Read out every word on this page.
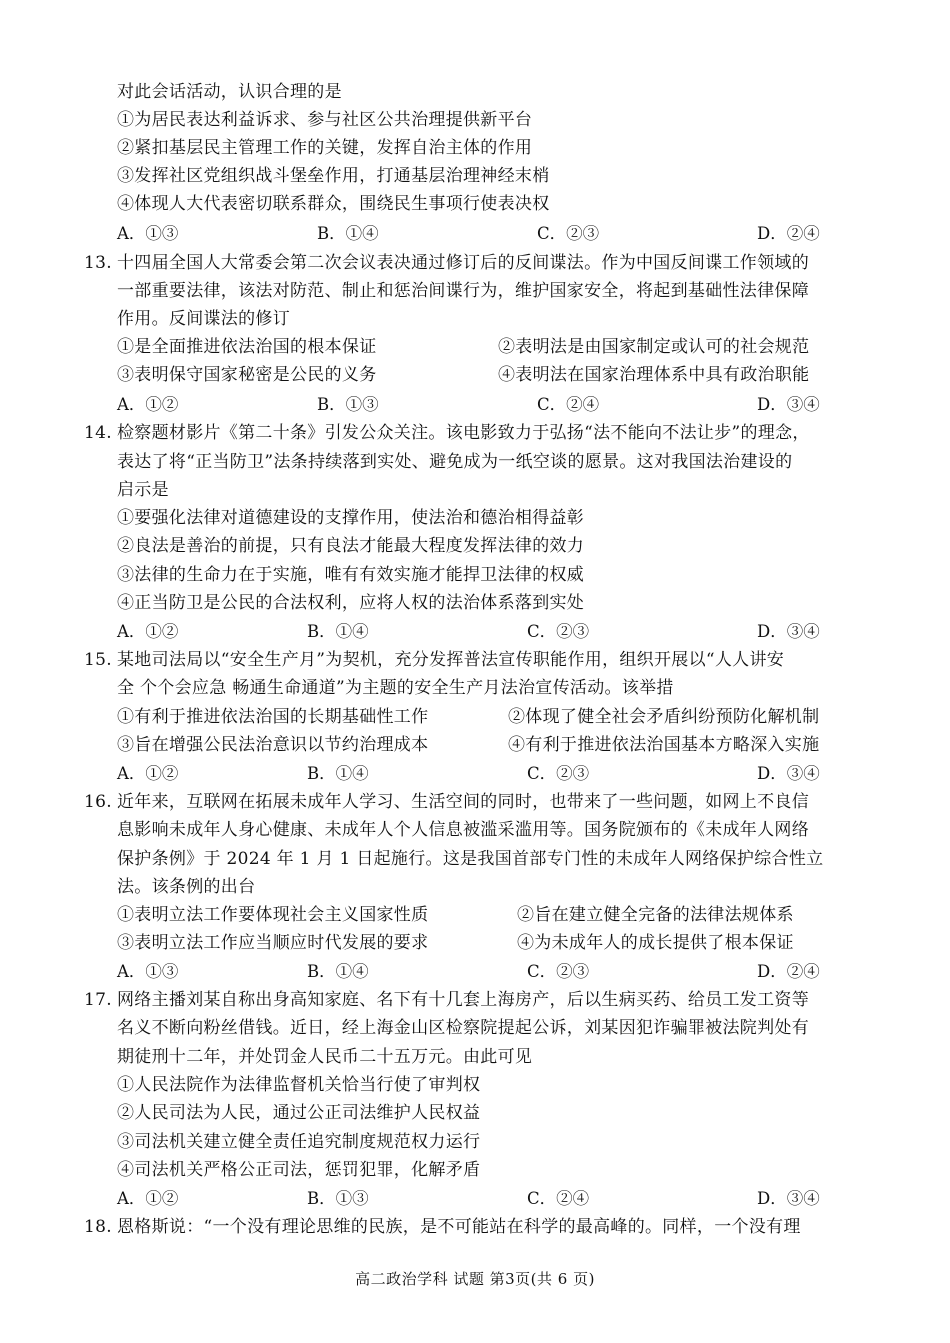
对此会话活动，认识合理的是
①为居民表达利益诉求、参与社区公共治理提供新平台
②紧扣基层民主管理工作的关键，发挥自治主体的作用
③发挥社区党组织战斗堡垒作用，打通基层治理神经末梢
④体现人大代表密切联系群众，围绕民生事项行使表决权
A．①③	B．①④	C．②③	D．②④
13. 十四届全国人大常委会第二次会议表决通过修订后的反间谍法。作为中国反间谍工作领域的
一部重要法律，该法对防范、制止和惩治间谍行为，维护国家安全，将起到基础性法律保障
作用。反间谍法的修订
①是全面推进依法治国的根本保证	②表明法是由国家制定或认可的社会规范
③表明保守国家秘密是公民的义务	④表明法在国家治理体系中具有政治职能
A．①②	B．①③	C．②④	D．③④
14. 检察题材影片《第二十条》引发公众关注。该电影致力于弘扬“法不能向不法让步”的理念，
表达了将“正当防卫”法条持续落到实处、避免成为一纸空谈的愿景。这对我国法治建设的
启示是
①要强化法律对道德建设的支撑作用，使法治和德治相得益彰
②良法是善治的前提，只有良法才能最大程度发挥法律的效力
③法律的生命力在于实施，唯有有效实施才能捍卫法律的权威
④正当防卫是公民的合法权利，应将人权的法治体系落到实处
A．①②	B．①④	C．②③	D．③④
15. 某地司法局以“安全生产月”为契机，充分发挥普法宣传职能作用，组织开展以“人人讲安
全 个个会应急 畅通生命通道”为主题的安全生产月法治宣传活动。该举措
①有利于推进依法治国的长期基础性工作	②体现了健全社会矛盾纠纷预防化解机制
③旨在增强公民法治意识以节约治理成本	④有利于推进依法治国基本方略深入实施
A．①②	B．①④	C．②③	D．③④
16. 近年来，互联网在拓展未成年人学习、生活空间的同时，也带来了一些问题，如网上不良信
息影响未成年人身心健康、未成年人个人信息被滥采滥用等。国务院颁布的《未成年人网络
保护条例》于 2024 年 1 月 1 日起施行。这是我国首部专门性的未成年人网络保护综合性立
法。该条例的出台
①表明立法工作要体现社会主义国家性质	②旨在建立健全完备的法律法规体系
③表明立法工作应当顺应时代发展的要求	④为未成年人的成长提供了根本保证
A．①③	B．①④	C．②③	D．②④
17. 网络主播刘某自称出身高知家庭、名下有十几套上海房产，后以生病买药、给员工发工资等
名义不断向粉丝借钱。近日，经上海金山区检察院提起公诉，刘某因犯诈骗罪被法院判处有
期徒刑十二年，并处罚金人民币二十五万元。由此可见
①人民法院作为法律监督机关恰当行使了审判权
②人民司法为人民，通过公正司法维护人民权益
③司法机关建立健全责任追究制度规范权力运行
④司法机关严格公正司法，惩罚犯罪，化解矛盾
A．①②	B．①③	C．②④	D．③④
18. 恩格斯说：“一个没有理论思维的民族，是不可能站在科学的最高峰的。同样，一个没有理
高二政治学科 试题 第3页(共 6 页)
